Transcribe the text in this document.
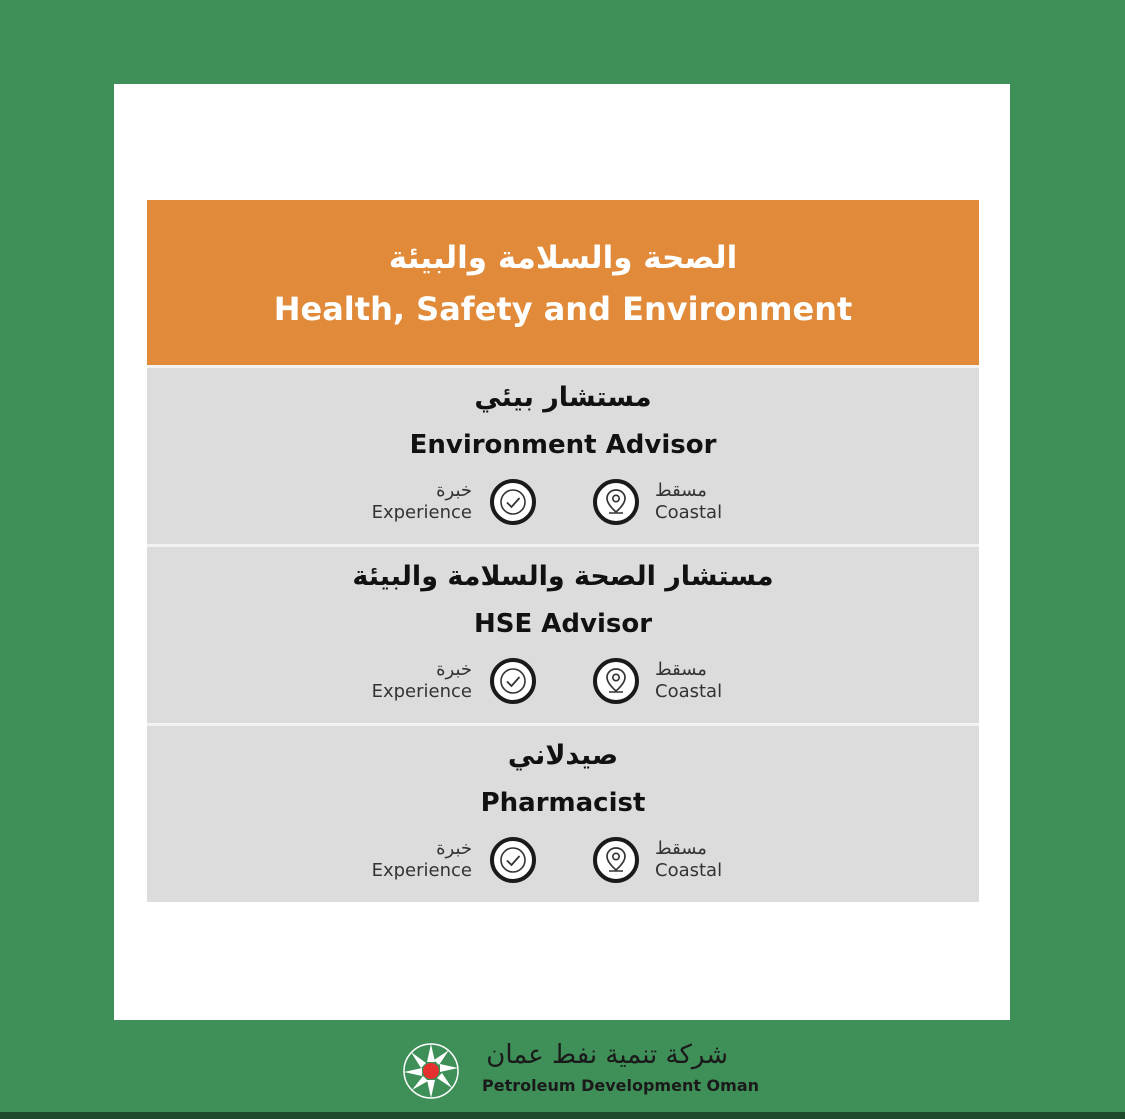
الصحة والسلامة والبيئة
Health, Safety and Environment
مستشار بيئي
Environment Advisor
خبرة
Experience
مسقط
Coastal
مستشار الصحة والسلامة والبيئة
HSE Advisor
خبرة
Experience
مسقط
Coastal
صيدلاني
Pharmacist
خبرة
Experience
مسقط
Coastal
شركة تنمية نفط عمان
Petroleum Development Oman
